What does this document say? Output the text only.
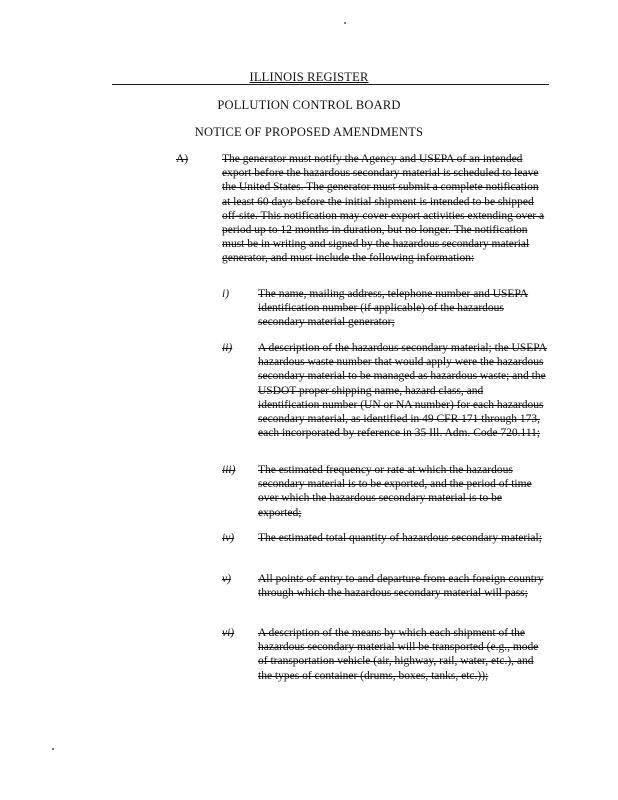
ILLINOIS REGISTER
POLLUTION CONTROL BOARD
NOTICE OF PROPOSED AMENDMENTS
A)	The generator must notify the Agency and USEPA of an intended export before the hazardous secondary material is scheduled to leave the United States. The generator must submit a complete notification at least 60 days before the initial shipment is intended to be shipped off-site. This notification may cover export activities extending over a period up to 12 months in duration, but no longer. The notification must be in writing and signed by the hazardous secondary material generator, and must include the following information:
i)	The name, mailing address, telephone number and USEPA identification number (if applicable) of the hazardous secondary material generator;
ii) A description of the hazardous secondary material; the USEPA hazardous waste number that would apply were the hazardous secondary material to be managed as hazardous waste; and the USDOT proper shipping name, hazard class, and identification number (UN or NA number) for each hazardous secondary material, as identified in 49 CFR 171 through 173, each incorporated by reference in 35 Ill. Adm. Code 720.111;
iii) The estimated frequency or rate at which the hazardous secondary material is to be exported, and the period of time over which the hazardous secondary material is to be exported;
iv) The estimated total quantity of hazardous secondary material;
v) All points of entry to and departure from each foreign country through which the hazardous secondary material will pass;
vi) A description of the means by which each shipment of the hazardous secondary material will be transported (e.g., mode of transportation vehicle (air, highway, rail, water, etc.), and the types of container (drums, boxes, tanks, etc.));
